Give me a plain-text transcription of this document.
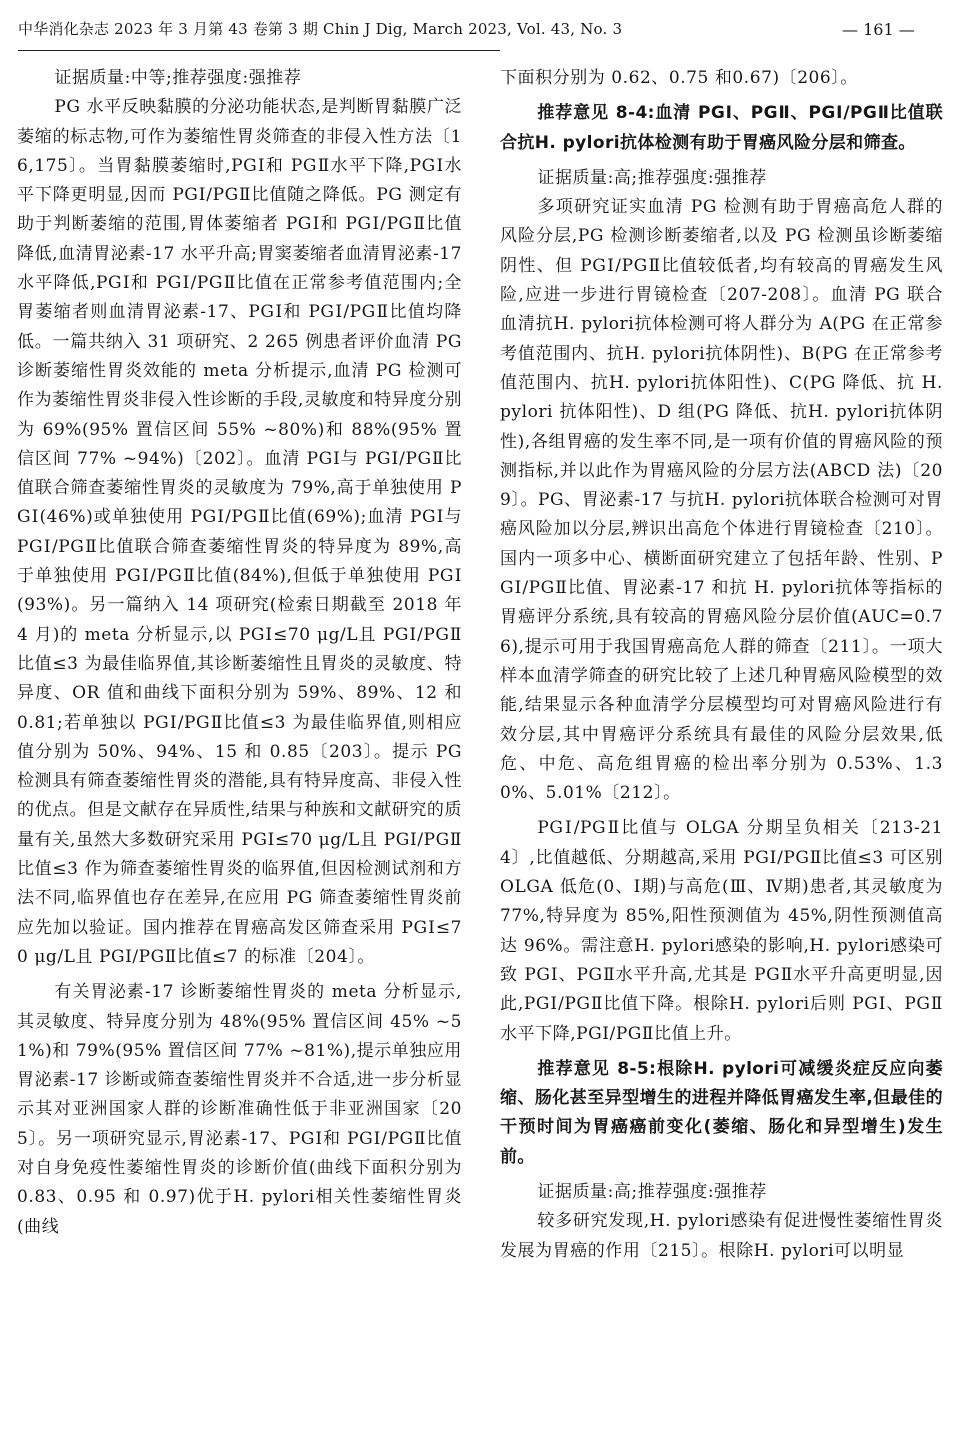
中华消化杂志 2023 年 3 月第 43 卷第 3 期 Chin J Dig, March 2023, Vol. 43, No. 3	— 161 —

证据质量:中等;推荐强度:强推荐

PG 水平反映黏膜的分泌功能状态,是判断胃黏膜广泛萎缩的标志物,可作为萎缩性胃炎筛查的非侵入性方法〔16,175〕。当胃黏膜萎缩时,PGⅠ和 PGⅡ水平下降,PGⅠ水平下降更明显,因而 PGⅠ/PGⅡ比值随之降低。PG 测定有助于判断萎缩的范围,胃体萎缩者 PGⅠ和 PGⅠ/PGⅡ比值降低,血清胃泌素-17 水平升高;胃窦萎缩者血清胃泌素-17 水平降低,PGⅠ和 PGⅠ/PGⅡ比值在正常参考值范围内;全胃萎缩者则血清胃泌素-17、PGⅠ和 PGⅠ/PGⅡ比值均降低。一篇共纳入 31 项研究、2 265 例患者评价血清 PG 诊断萎缩性胃炎效能的 meta 分析提示,血清 PG 检测可作为萎缩性胃炎非侵入性诊断的手段,灵敏度和特异度分别为 69%(95% 置信区间 55% ~80%)和 88%(95% 置信区间 77% ~94%)〔202〕。血清 PGⅠ与 PGⅠ/PGⅡ比值联合筛查萎缩性胃炎的灵敏度为 79%,高于单独使用 PGⅠ(46%)或单独使用 PGⅠ/PGⅡ比值(69%);血清 PGⅠ与 PGⅠ/PGⅡ比值联合筛查萎缩性胃炎的特异度为 89%,高于单独使用 PGⅠ/PGⅡ比值(84%),但低于单独使用 PGⅠ(93%)。另一篇纳入 14 项研究(检索日期截至 2018 年 4 月)的 meta 分析显示,以 PGⅠ≤70 μg/L且 PGⅠ/PGⅡ比值≤3 为最佳临界值,其诊断萎缩性且胃炎的灵敏度、特异度、OR 值和曲线下面积分别为 59%、89%、12 和 0.81;若单独以 PGⅠ/PGⅡ比值≤3 为最佳临界值,则相应值分别为 50%、94%、15 和 0.85〔203〕。提示 PG 检测具有筛查萎缩性胃炎的潜能,具有特异度高、非侵入性的优点。但是文献存在异质性,结果与种族和文献研究的质量有关,虽然大多数研究采用 PGⅠ≤70 μg/L且 PGⅠ/PGⅡ比值≤3 作为筛查萎缩性胃炎的临界值,但因检测试剂和方法不同,临界值也存在差异,在应用 PG 筛查萎缩性胃炎前应先加以验证。国内推荐在胃癌高发区筛查采用 PGⅠ≤70 μg/L且 PGⅠ/PGⅡ比值≤7 的标准〔204〕。

有关胃泌素-17 诊断萎缩性胃炎的 meta 分析显示,其灵敏度、特异度分别为 48%(95% 置信区间 45% ~51%)和 79%(95% 置信区间 77% ~81%),提示单独应用胃泌素-17 诊断或筛查萎缩性胃炎并不合适,进一步分析显示其对亚洲国家人群的诊断准确性低于非亚洲国家〔205〕。另一项研究显示,胃泌素-17、PGⅠ和 PGⅠ/PGⅡ比值对自身免疫性萎缩性胃炎的诊断价值(曲线下面积分别为 0.83、0.95 和 0.97)优于H. pylori相关性萎缩性胃炎(曲线

下面积分别为 0.62、0.75 和0.67)〔206〕。

推荐意见 8-4:血清 PGⅠ、PGⅡ、PGⅠ/PGⅡ比值联合抗H. pylori抗体检测有助于胃癌风险分层和筛查。

证据质量:高;推荐强度:强推荐

多项研究证实血清 PG 检测有助于胃癌高危人群的风险分层,PG 检测诊断萎缩者,以及 PG 检测虽诊断萎缩阴性、但 PGⅠ/PGⅡ比值较低者,均有较高的胃癌发生风险,应进一步进行胃镜检查〔207-208〕。血清 PG 联合血清抗H. pylori抗体检测可将人群分为 A(PG 在正常参考值范围内、抗H. pylori抗体阴性)、B(PG 在正常参考值范围内、抗H. pylori抗体阳性)、C(PG 降低、抗 H. pylori 抗体阳性)、D 组(PG 降低、抗H. pylori抗体阴性),各组胃癌的发生率不同,是一项有价值的胃癌风险的预测指标,并以此作为胃癌风险的分层方法(ABCD 法)〔209〕。PG、胃泌素-17 与抗H. pylori抗体联合检测可对胃癌风险加以分层,辨识出高危个体进行胃镜检查〔210〕。国内一项多中心、横断面研究建立了包括年龄、性别、PGⅠ/PGⅡ比值、胃泌素-17 和抗 H. pylori抗体等指标的胃癌评分系统,具有较高的胃癌风险分层价值(AUC=0.76),提示可用于我国胃癌高危人群的筛查〔211〕。一项大样本血清学筛查的研究比较了上述几种胃癌风险模型的效能,结果显示各种血清学分层模型均可对胃癌风险进行有效分层,其中胃癌评分系统具有最佳的风险分层效果,低危、中危、高危组胃癌的检出率分别为 0.53%、1.30%、5.01%〔212〕。

PGⅠ/PGⅡ比值与 OLGA 分期呈负相关〔213-214〕,比值越低、分期越高,采用 PGⅠ/PGⅡ比值≤3 可区别 OLGA 低危(0、Ⅰ期)与高危(Ⅲ、Ⅳ期)患者,其灵敏度为 77%,特异度为 85%,阳性预测值为 45%,阴性预测值高达 96%。需注意H. pylori感染的影响,H. pylori感染可致 PGⅠ、PGⅡ水平升高,尤其是 PGⅡ水平升高更明显,因此,PGⅠ/PGⅡ比值下降。根除H. pylori后则 PGⅠ、PGⅡ水平下降,PGⅠ/PGⅡ比值上升。

推荐意见 8-5:根除H. pylori可减缓炎症反应向萎缩、肠化甚至异型增生的进程并降低胃癌发生率,但最佳的干预时间为胃癌癌前变化(萎缩、肠化和异型增生)发生前。

证据质量:高;推荐强度:强推荐

较多研究发现,H. pylori感染有促进慢性萎缩性胃炎发展为胃癌的作用〔215〕。根除H. pylori可以明显
